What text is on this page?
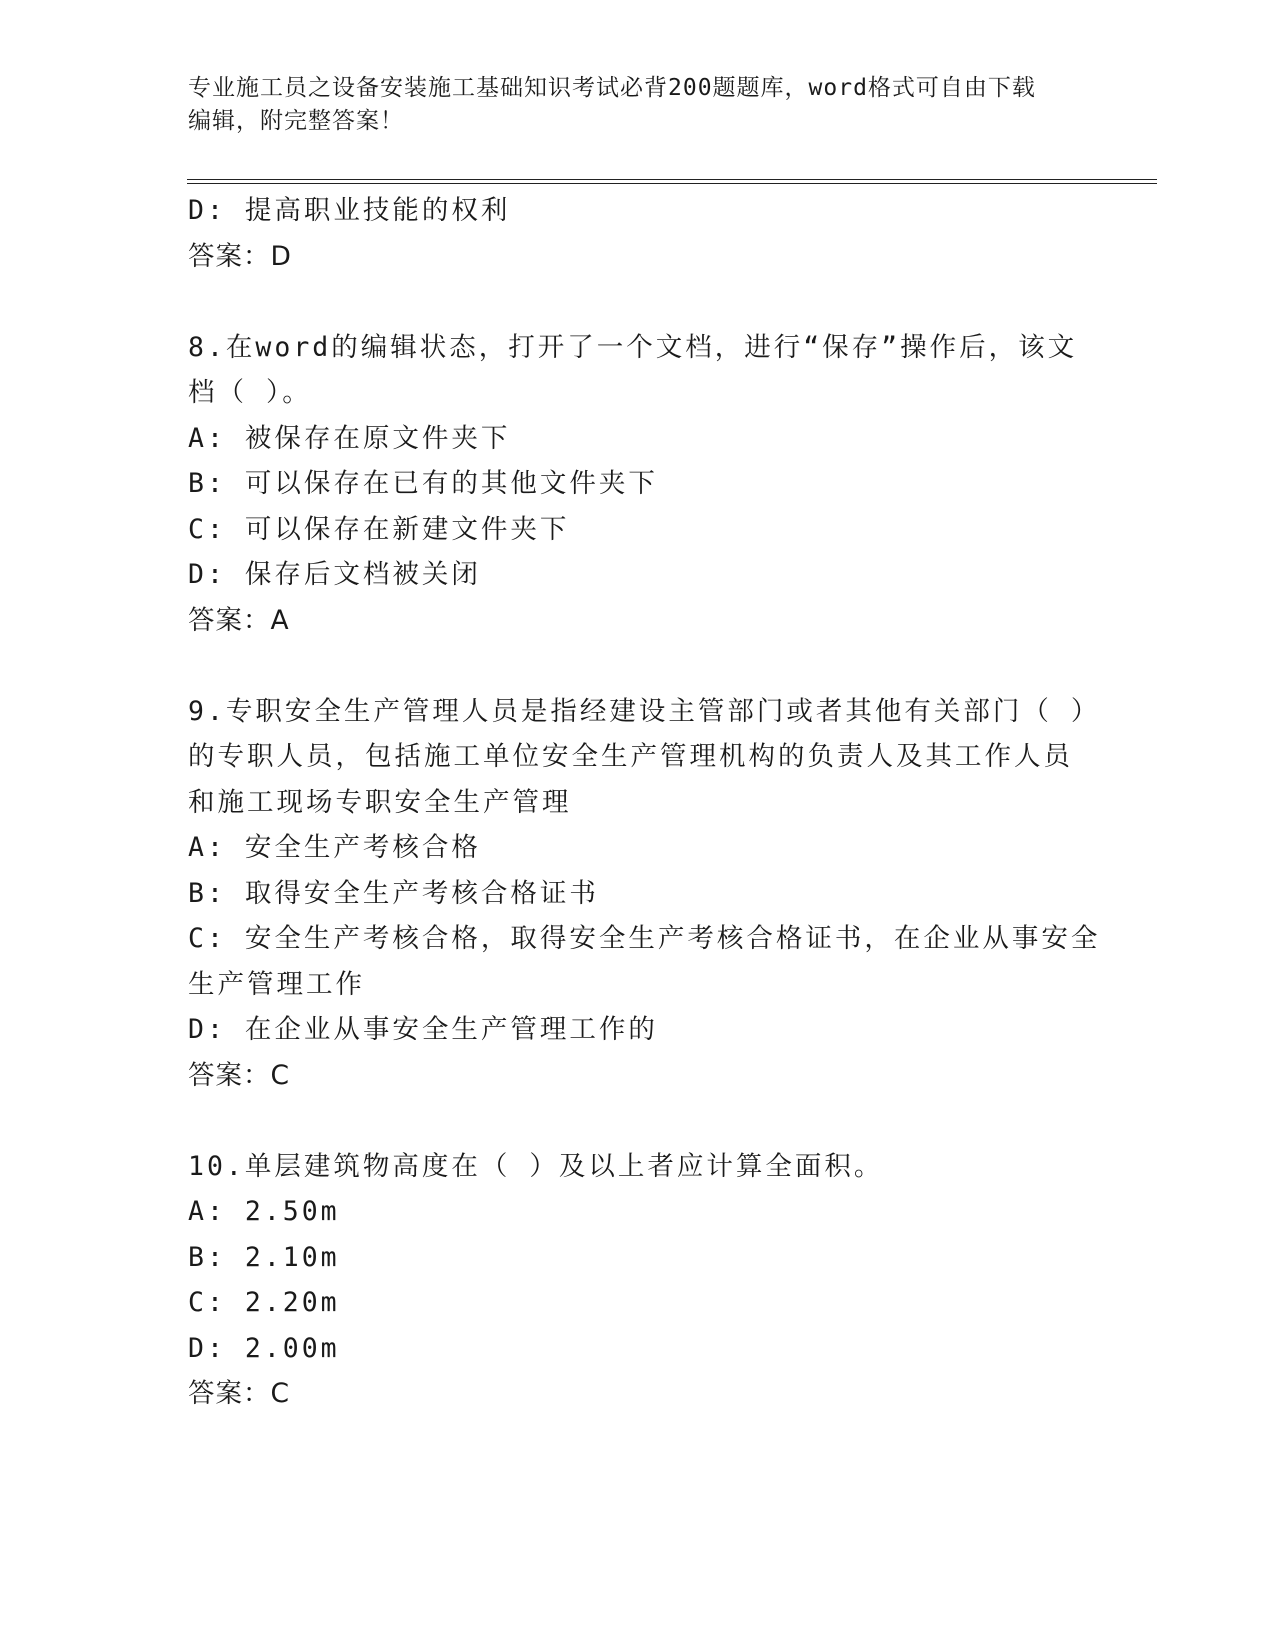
专业施工员之设备安装施工基础知识考试必背200题题库，word格式可自由下载
编辑，附完整答案！
D: 提高职业技能的权利
答案：D
8.在word的编辑状态，打开了一个文档，进行“保存”操作后，该文
档（ ）。
A: 被保存在原文件夹下
B: 可以保存在已有的其他文件夹下
C: 可以保存在新建文件夹下
D: 保存后文档被关闭
答案：A
9.专职安全生产管理人员是指经建设主管部门或者其他有关部门（ ）
的专职人员，包括施工单位安全生产管理机构的负责人及其工作人员
和施工现场专职安全生产管理
A: 安全生产考核合格
B: 取得安全生产考核合格证书
C: 安全生产考核合格，取得安全生产考核合格证书，在企业从事安全
生产管理工作
D: 在企业从事安全生产管理工作的
答案：C
10.单层建筑物高度在（ ）及以上者应计算全面积。
A: 2.50m
B: 2.10m
C: 2.20m
D: 2.00m
答案：C
